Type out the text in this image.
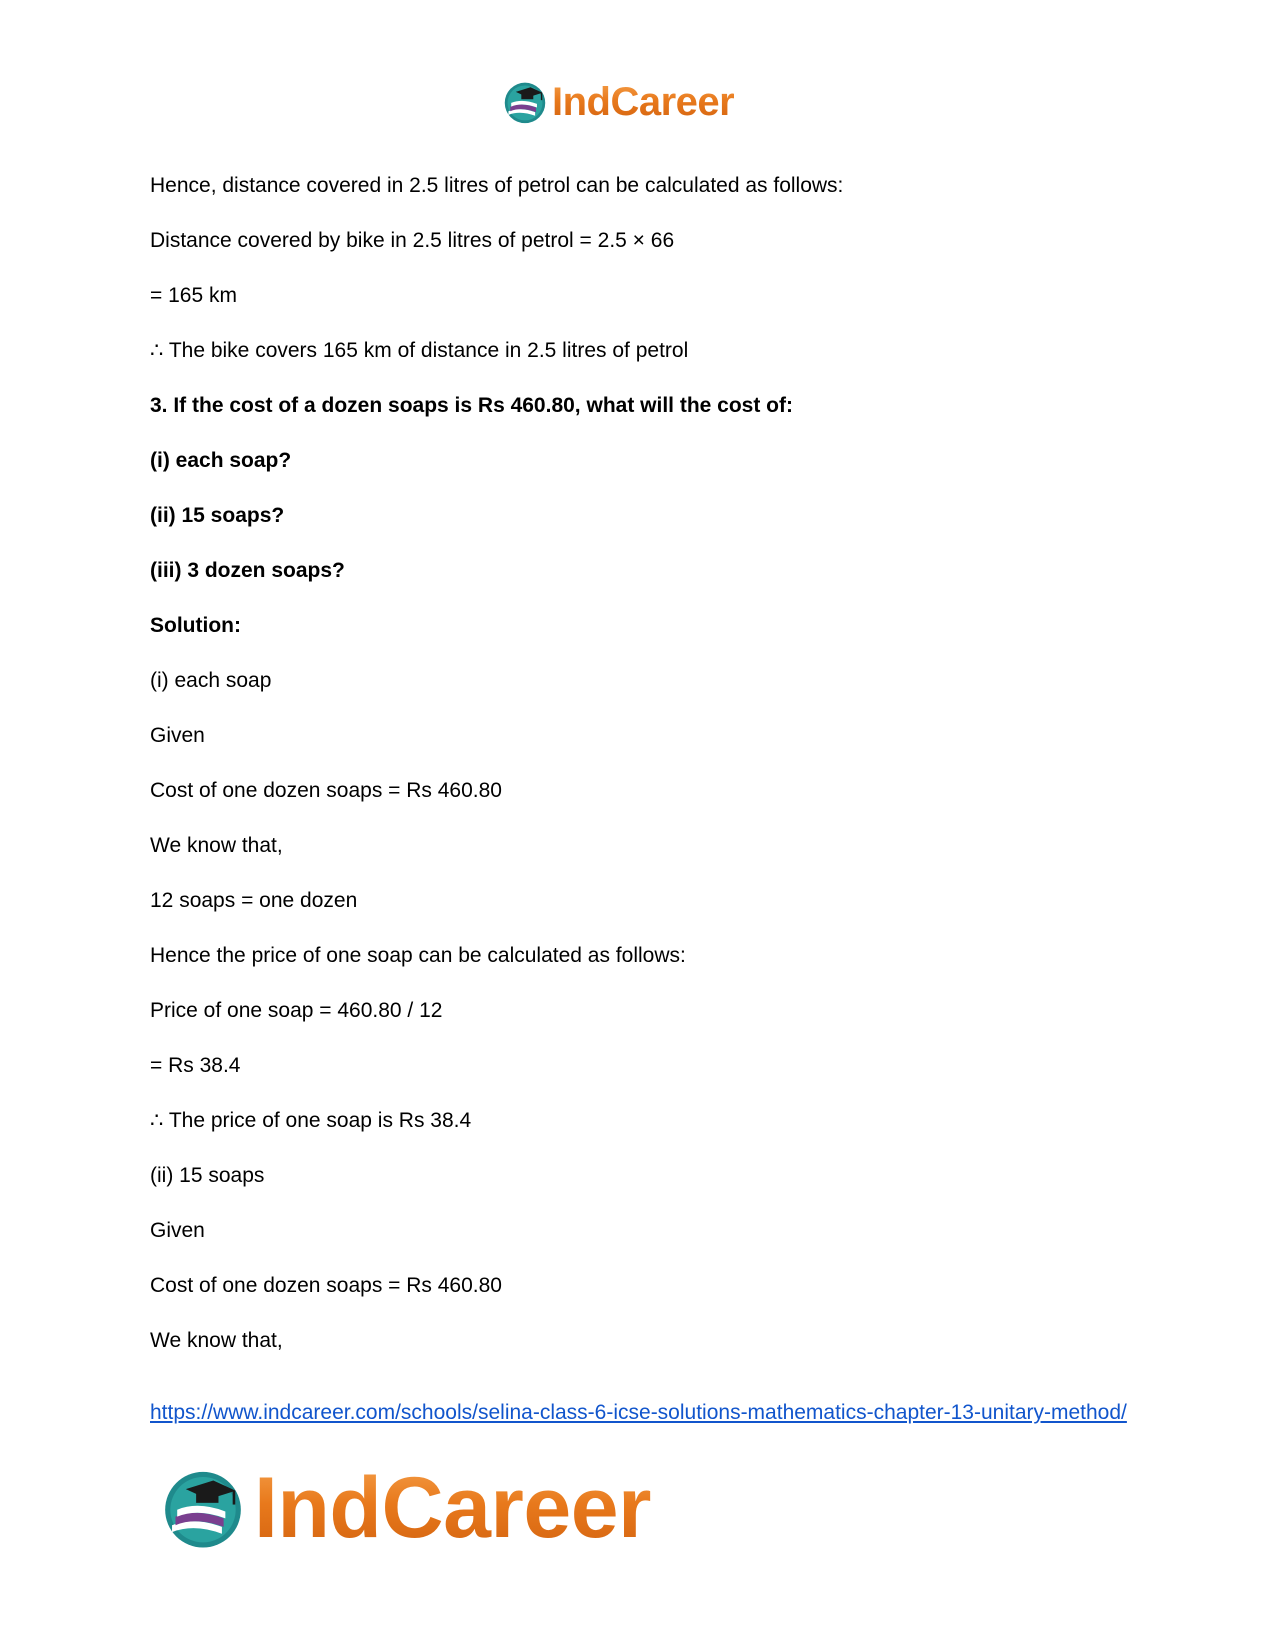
IndCareer

Hence, distance covered in 2.5 litres of petrol can be calculated as follows:

Distance covered by bike in 2.5 litres of petrol = 2.5 × 66

= 165 km

∴ The bike covers 165 km of distance in 2.5 litres of petrol

3. If the cost of a dozen soaps is Rs 460.80, what will the cost of:

(i) each soap?

(ii) 15 soaps?

(iii) 3 dozen soaps?

Solution:

(i) each soap

Given

Cost of one dozen soaps = Rs 460.80

We know that,

12 soaps = one dozen

Hence the price of one soap can be calculated as follows:

Price of one soap = 460.80 / 12

= Rs 38.4

∴ The price of one soap is Rs 38.4

(ii) 15 soaps

Given

Cost of one dozen soaps = Rs 460.80

We know that,

https://www.indcareer.com/schools/selina-class-6-icse-solutions-mathematics-chapter-13-unitary-method/
IndCareer
